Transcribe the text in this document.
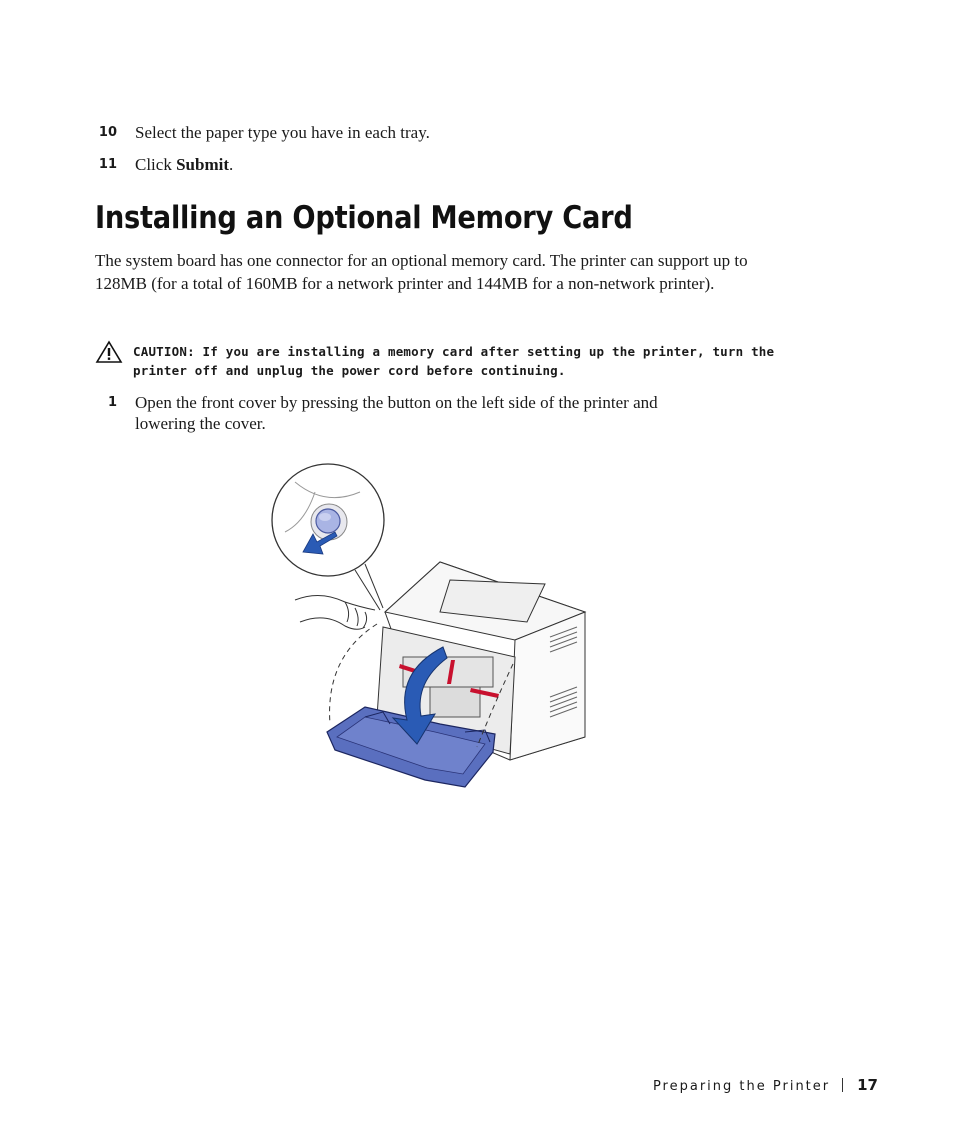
10 Select the paper type you have in each tray.
11 Click Submit.
Installing an Optional Memory Card

The system board has one connector for an optional memory card. The printer can support up to 128MB (for a total of 160MB for a network printer and 144MB for a non-network printer).

CAUTION: If you are installing a memory card after setting up the printer, turn the printer off and unplug the power cord before continuing.
1 Open the front cover by pressing the button on the left side of the printer and
lowering the cover.
Preparing the Printer 17
